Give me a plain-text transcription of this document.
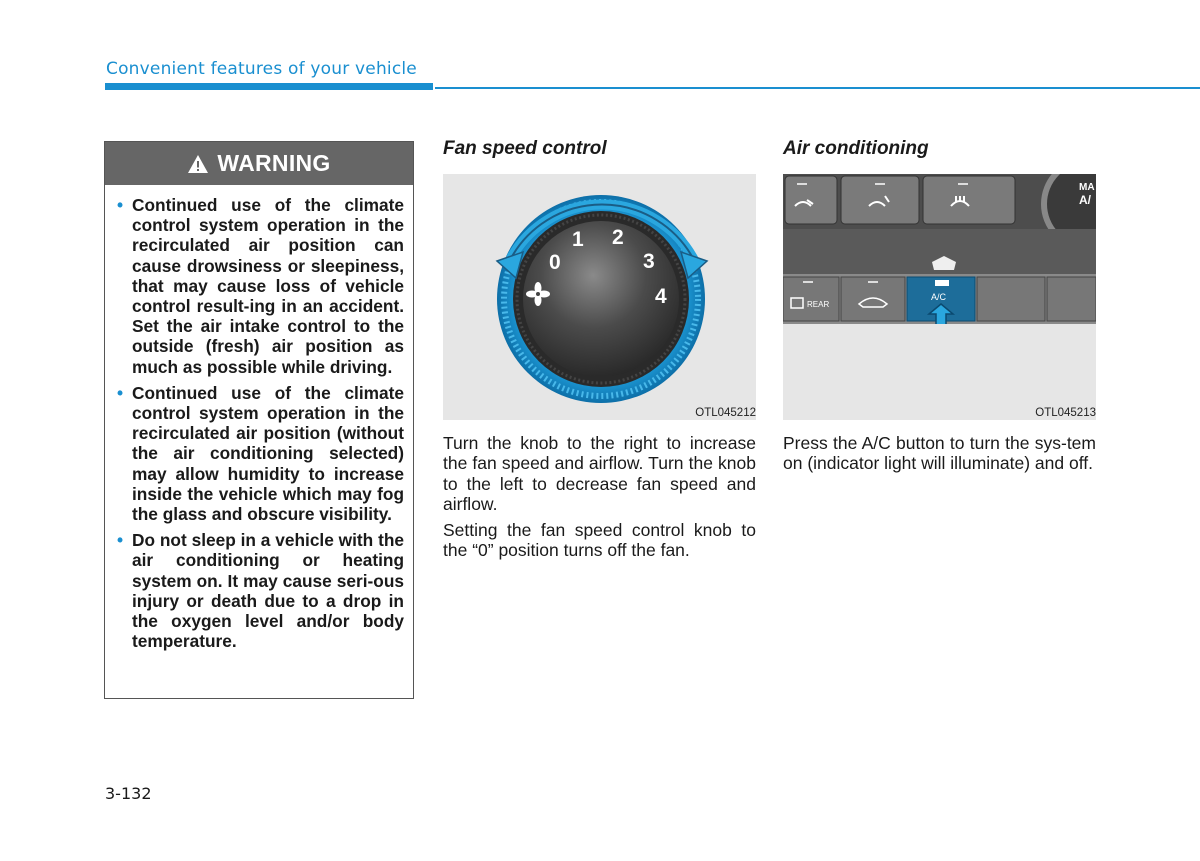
Convenient features of your vehicle
WARNING
• Continued use of the climate control system operation in the recirculated air position can cause drowsiness or sleepiness, that may cause loss of vehicle control result-ing in an accident. Set the air intake control to the outside (fresh) air position as much as possible while driving.
• Continued use of the climate control system operation in the recirculated air position (without the air conditioning selected) may allow humidity to increase inside the vehicle which may fog the glass and obscure visibility.
• Do not sleep in a vehicle with the air conditioning or heating system on. It may cause seri-ous injury or death due to a drop in the oxygen level and/or body temperature.
Fan speed control
0
1 2
3
4
OTL045212

Turn the knob to the right to increase the fan speed and airflow. Turn the knob to the left to decrease fan speed and airflow.

Setting the fan speed control knob to the “0” position turns off the fan.

Air conditioning
MA
A/
REAR
A/C
OTL045213

Press the A/C button to turn the sys-tem on (indicator light will illuminate) and off.

3-132
